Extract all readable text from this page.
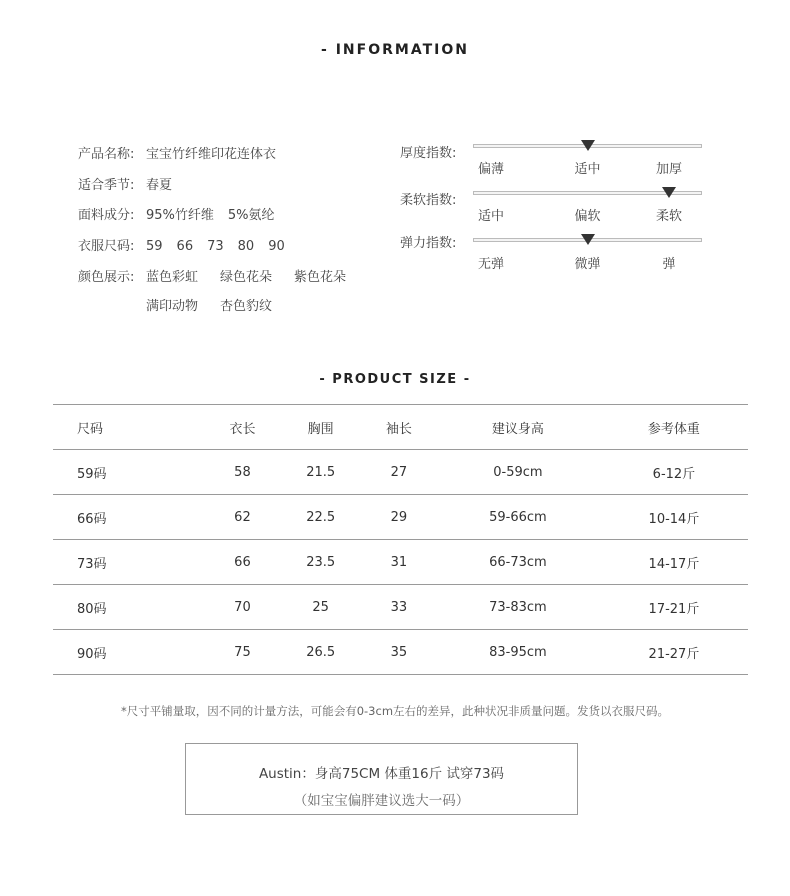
- INFORMATION
产品名称: 宝宝竹纤维印花连体衣
适合季节: 春夏
面料成分: 95%竹纤维 5%氨纶
衣服尺码: 59 66 73 80 90
颜色展示: 蓝色彩虹 绿色花朵 紫色花朵
满印动物 杏色豹纹
厚度指数:
偏薄	适中	加厚
柔软指数:
适中	偏软	柔软
弹力指数:
无弹	微弹	弹
- PRODUCT SIZE -
尺码	衣长	胸围	袖长	建议身高	参考体重
59码	58	21.5	27	0-59cm	6-12斤
66码	62	22.5	29	59-66cm	10-14斤
73码	66	23.5	31	66-73cm	14-17斤
80码	70	25	33	73-83cm	17-21斤
90码	75	26.5	35	83-95cm	21-27斤
*尺寸平铺量取，因不同的计量方法，可能会有0-3cm左右的差异，此种状况非质量问题。发货以衣服尺码。
Austin：身高75CM 体重16斤 试穿73码
（如宝宝偏胖建议选大一码）
